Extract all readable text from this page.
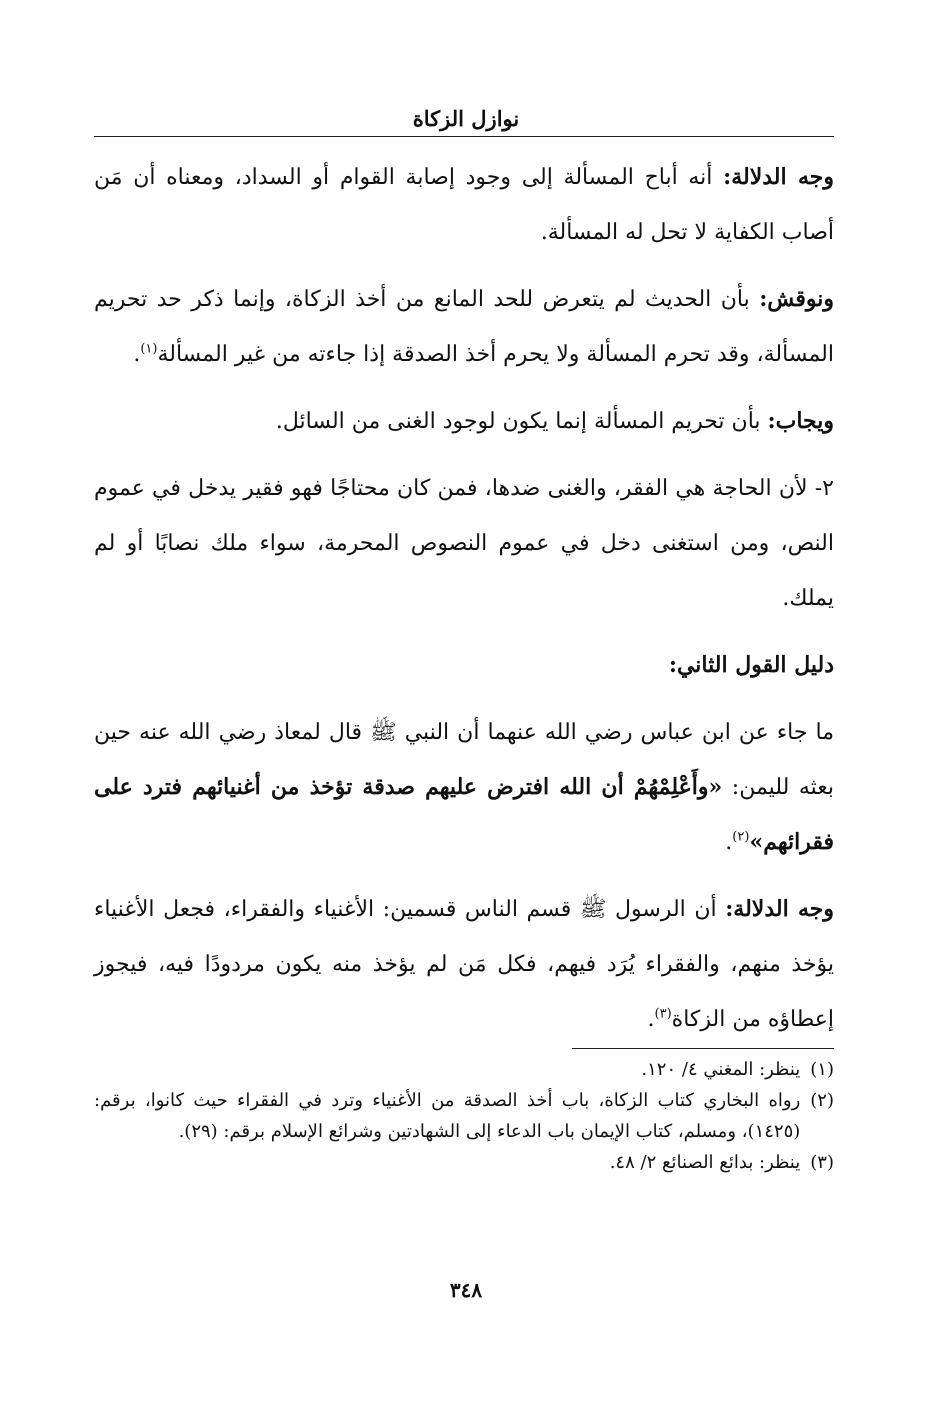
نوازل الزكاة

وجه الدلالة: أنه أباح المسألة إلى وجود إصابة القوام أو السداد، ومعناه أن مَن أصاب الكفاية لا تحل له المسألة.

ونوقش: بأن الحديث لم يتعرض للحد المانع من أخذ الزكاة، وإنما ذكر حد تحريم المسألة، وقد تحرم المسألة ولا يحرم أخذ الصدقة إذا جاءته من غير المسألة$^{(١)}$.

ويجاب: بأن تحريم المسألة إنما يكون لوجود الغنى من السائل.

٢- لأن الحاجة هي الفقر، والغنى ضدها، فمن كان محتاجًا فهو فقير يدخل في عموم النص، ومن استغنى دخل في عموم النصوص المحرمة، سواء ملك نصابًا أو لم يملك.

دليل القول الثاني:

ما جاء عن ابن عباس رضي الله عنهما أن النبي ﷺ قال لمعاذ رضي الله عنه حين بعثه لليمن: «وأَعْلِمْهُمْ أن الله افترض عليهم صدقة تؤخذ من أغنيائهم فترد على فقرائهم»$^{(٢)}$.

وجه الدلالة: أن الرسول ﷺ قسم الناس قسمين: الأغنياء والفقراء، فجعل الأغنياء يؤخذ منهم، والفقراء يُرَد فيهم، فكل مَن لم يؤخذ منه يكون مردودًا فيه، فيجوز إعطاؤه من الزكاة$^{(٣)}$.

(١)
ينظر: المغني ٤/ ١٢٠.
(٢)
رواه البخاري كتاب الزكاة، باب أخذ الصدقة من الأغنياء وترد في الفقراء حيث كانوا، برقم: (١٤٢٥)، ومسلم، كتاب الإيمان باب الدعاء إلى الشهادتين وشرائع الإسلام برقم: (٢٩).
(٣)
ينظر: بدائع الصنائع ٢/ ٤٨.
٣٤٨
